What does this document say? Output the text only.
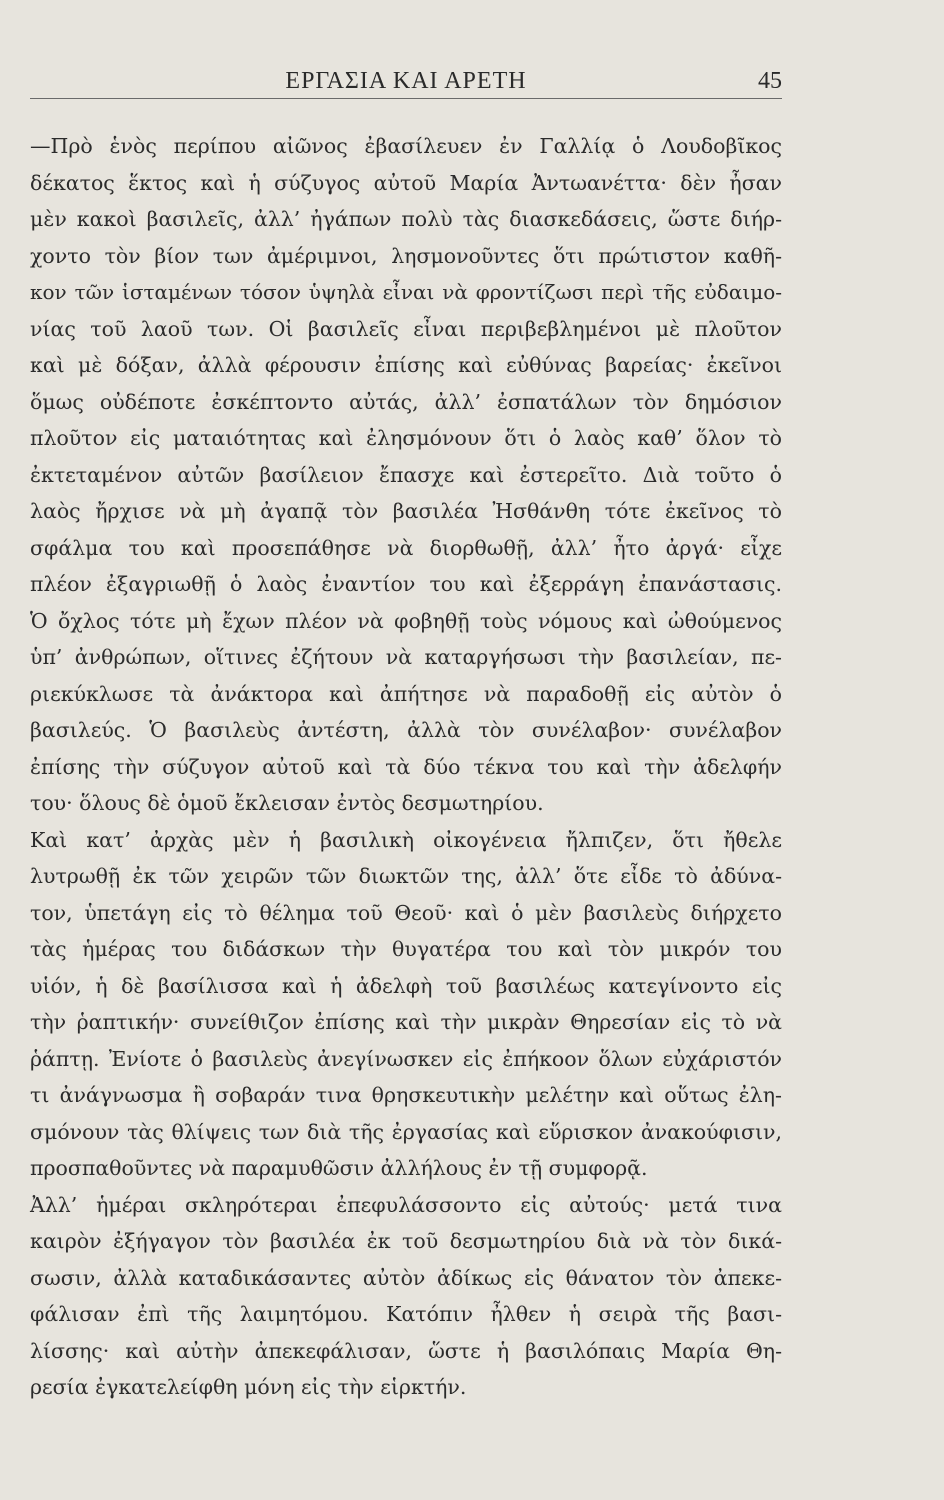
ΕΡΓΑΣΙΑ ΚΑΙ ΑΡΕΤΗ	45
—Πρὸ ἑνὸς περίπου αἰῶνος ἐβασίλευεν ἐν Γαλλίᾳ ὁ Λουδοβῖκος
δέκατος ἕκτος καὶ ἡ σύζυγος αὐτοῦ Μαρία Ἀντωανέττα· δὲν ἦσαν
μὲν κακοὶ βασιλεῖς, ἀλλ’ ἠγάπων πολὺ τὰς διασκεδάσεις, ὥστε διήρ-
χοντο τὸν βίον των ἀμέριμνοι, λησμονοῦντες ὅτι πρώτιστον καθῆ-
κον τῶν ἱσταμένων τόσον ὑψηλὰ εἶναι νὰ φροντίζωσι περὶ τῆς εὐδαιμο-
νίας τοῦ λαοῦ των. Οἱ βασιλεῖς εἶναι περιβεβλημένοι μὲ πλοῦτον
καὶ μὲ δόξαν, ἀλλὰ φέρουσιν ἐπίσης καὶ εὐθύνας βαρείας· ἐκεῖνοι
ὅμως οὐδέποτε ἐσκέπτοντο αὐτάς, ἀλλ’ ἐσπατάλων τὸν δημόσιον
πλοῦτον εἰς ματαιότητας καὶ ἐλησμόνουν ὅτι ὁ λαὸς καθ’ ὅλον τὸ
ἐκτεταμένον αὐτῶν βασίλειον ἔπασχε καὶ ἐστερεῖτο. Διὰ τοῦτο ὁ
λαὸς ἤρχισε νὰ μὴ ἀγαπᾷ τὸν βασιλέα Ἠσθάνθη τότε ἐκεῖνος τὸ
σφάλμα του καὶ προσεπάθησε νὰ διορθωθῇ, ἀλλ’ ἦτο ἀργά· εἶχε
πλέον ἐξαγριωθῇ ὁ λαὸς ἐναντίον του καὶ ἐξερράγη ἐπανάστασις.
Ὁ ὄχλος τότε μὴ ἔχων πλέον νὰ φοβηθῇ τοὺς νόμους καὶ ὠθούμενος
ὑπ’ ἀνθρώπων, οἵτινες ἐζήτουν νὰ καταργήσωσι τὴν βασιλείαν, πε-
ριεκύκλωσε τὰ ἀνάκτορα καὶ ἀπήτησε νὰ παραδοθῇ εἰς αὐτὸν ὁ
βασιλεύς. Ὁ βασιλεὺς ἀντέστη, ἀλλὰ τὸν συνέλαβον· συνέλαβον
ἐπίσης τὴν σύζυγον αὐτοῦ καὶ τὰ δύο τέκνα του καὶ τὴν ἀδελφήν
του· ὅλους δὲ ὁμοῦ ἔκλεισαν ἐντὸς δεσμωτηρίου.
Καὶ κατ’ ἀρχὰς μὲν ἡ βασιλικὴ οἰκογένεια ἤλπιζεν, ὅτι ἤθελε
λυτρωθῇ ἐκ τῶν χειρῶν τῶν διωκτῶν της, ἀλλ’ ὅτε εἶδε τὸ ἀδύνα-
τον, ὑπετάγη εἰς τὸ θέλημα τοῦ Θεοῦ· καὶ ὁ μὲν βασιλεὺς διήρχετο
τὰς ἡμέρας του διδάσκων τὴν θυγατέρα του καὶ τὸν μικρόν του
υἱόν, ἡ δὲ βασίλισσα καὶ ἡ ἀδελφὴ τοῦ βασιλέως κατεγίνοντο εἰς
τὴν ῥαπτικήν· συνείθιζον ἐπίσης καὶ τὴν μικρὰν Θηρεσίαν εἰς τὸ νὰ
ῥάπτῃ. Ἐνίοτε ὁ βασιλεὺς ἀνεγίνωσκεν εἰς ἐπήκοον ὅλων εὐχάριστόν
τι ἀνάγνωσμα ἢ σοβαράν τινα θρησκευτικὴν μελέτην καὶ οὕτως ἐλη-
σμόνουν τὰς θλίψεις των διὰ τῆς ἐργασίας καὶ εὕρισκον ἀνακούφισιν,
προσπαθοῦντες νὰ παραμυθῶσιν ἀλλήλους ἐν τῇ συμφορᾷ.
Ἀλλ’ ἡμέραι σκληρότεραι ἐπεφυλάσσοντο εἰς αὐτούς· μετά τινα
καιρὸν ἐξήγαγον τὸν βασιλέα ἐκ τοῦ δεσμωτηρίου διὰ νὰ τὸν δικά-
σωσιν, ἀλλὰ καταδικάσαντες αὐτὸν ἀδίκως εἰς θάνατον τὸν ἀπεκε-
φάλισαν ἐπὶ τῆς λαιμητόμου. Κατόπιν ἦλθεν ἡ σειρὰ τῆς βασι-
λίσσης· καὶ αὐτὴν ἀπεκεφάλισαν, ὥστε ἡ βασιλόπαις Μαρία Θη-
ρεσία ἐγκατελείφθη μόνη εἰς τὴν εἱρκτήν.
